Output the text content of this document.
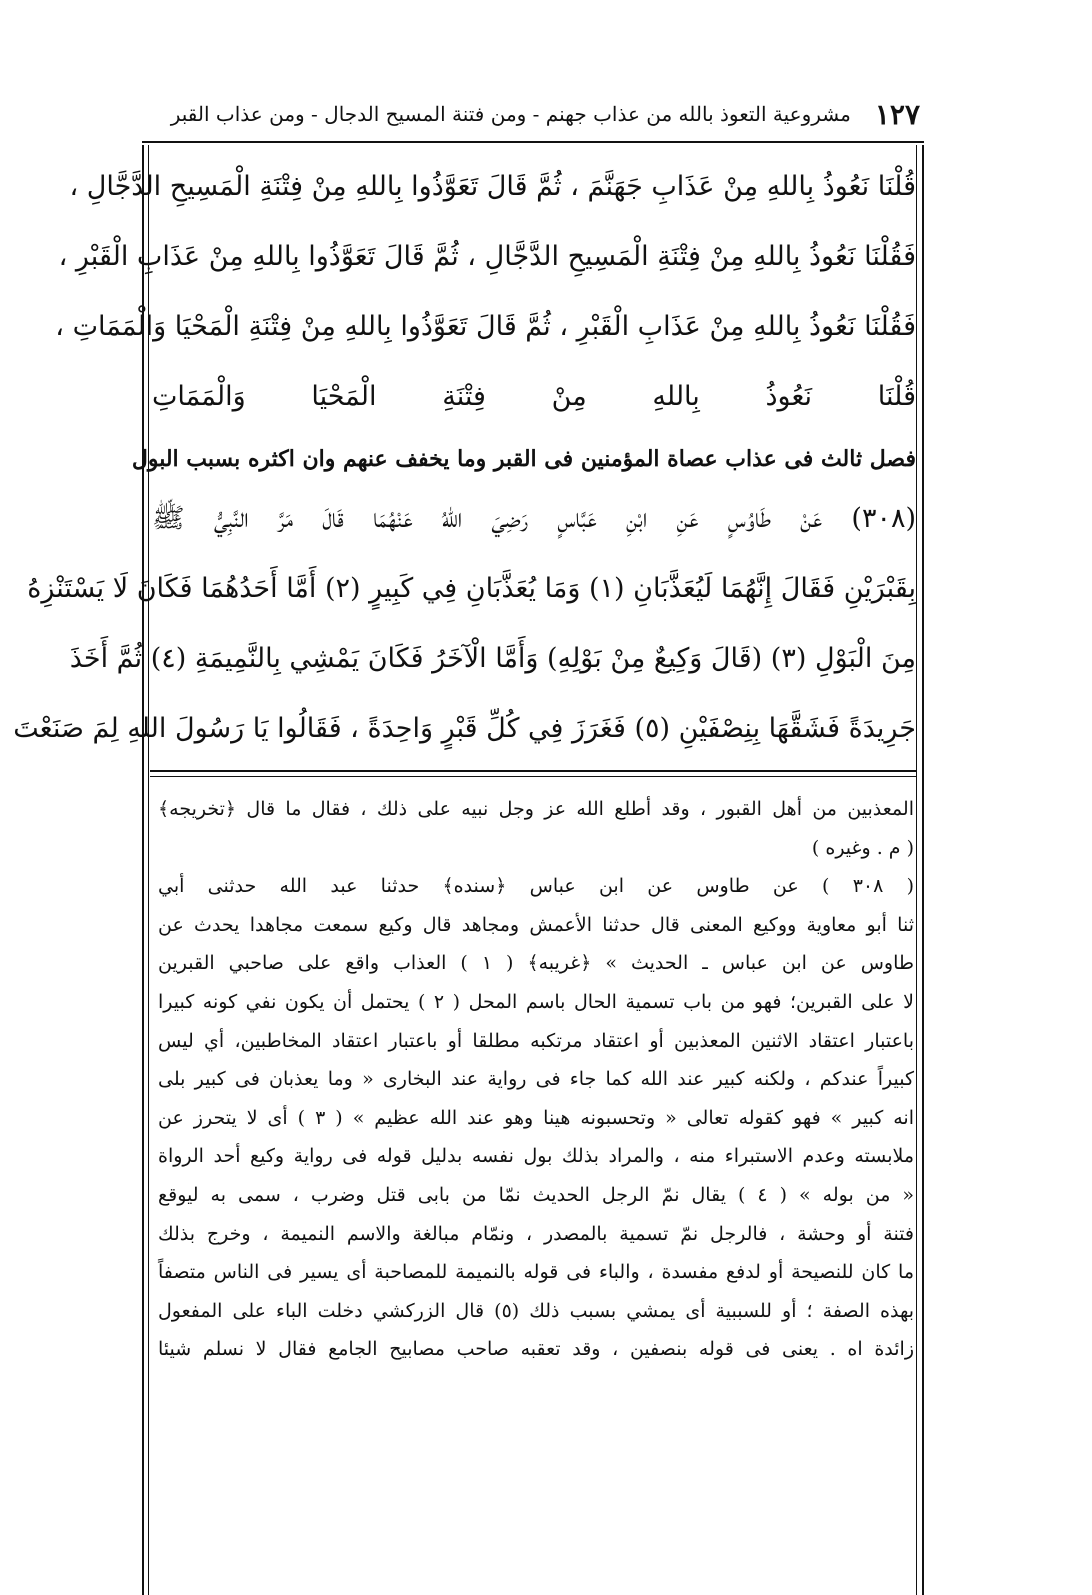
١٢٧
مشروعية التعوذ بالله من عذاب جهنم - ومن فتنة المسيح الدجال - ومن عذاب القبر
قُلْنَا نَعُوذُ بِاللهِ مِنْ عَذَابِ جَهَنَّمَ ، ثُمَّ قَالَ تَعَوَّذُوا بِاللهِ مِنْ فِتْنَةِ الْمَسِيحِ الدَّجَّالِ ،
فَقُلْنَا نَعُوذُ بِاللهِ مِنْ فِتْنَةِ الْمَسِيحِ الدَّجَّالِ ، ثُمَّ قَالَ تَعَوَّذُوا بِاللهِ مِنْ عَذَابِ الْقَبْرِ ،
فَقُلْنَا نَعُوذُ بِاللهِ مِنْ عَذَابِ الْقَبْرِ ، ثُمَّ قَالَ تَعَوَّذُوا بِاللهِ مِنْ فِتْنَةِ الْمَحْيَا وَالْمَمَاتِ ،
قُلْنَا نَعُوذُ بِاللهِ مِنْ فِتْنَةِ الْمَحْيَا وَالْمَمَاتِ
فصل ثالث فى عذاب عصاة المؤمنين فى القبر وما يخفف عنهم وان اكثره بسبب البول
(٣٠٨) عَنْ طَاوُسٍ عَنِ ابْنِ عَبَّاسٍ رَضِيَ اللهُ عَنْهُمَا قَالَ مَرَّ النَّبِيُّ ﷺ
بِقَبْرَيْنِ فَقَالَ إِنَّهُمَا لَيُعَذَّبَانِ (١) وَمَا يُعَذَّبَانِ فِي كَبِيرٍ (٢) أَمَّا أَحَدُهُمَا فَكَانَ لَا يَسْتَنْزِهُ
مِنَ الْبَوْلِ (٣) (قَالَ وَكِيعٌ مِنْ بَوْلِهِ) وَأَمَّا الْآخَرُ فَكَانَ يَمْشِي بِالنَّمِيمَةِ (٤) ثُمَّ أَخَذَ
جَرِيدَةً فَشَقَّهَا بِنِصْفَيْنِ (٥) فَغَرَزَ فِي كُلِّ قَبْرٍ وَاحِدَةً ، فَقَالُوا يَا رَسُولَ اللهِ لِمَ صَنَعْتَ
المعذبين من أهل القبور ، وقد أطلع الله عز وجل نبيه على ذلك ، فقال ما قال ﴿تخريجه﴾
( م . وغيره )
( ٣٠٨ ) عن طاوس عن ابن عباس ﴿سنده﴾ حدثنا عبد الله حدثنى أبي
ثنا أبو معاوية ووكيع المعنى قال حدثنا الأعمش ومجاهد قال وكيع سمعت مجاهدا يحدث عن
طاوس عن ابن عباس ـ الحديث » ﴿غريبه﴾ ( ١ ) العذاب واقع على صاحبي القبرين
لا على القبرين؛ فهو من باب تسمية الحال باسم المحل ( ٢ ) يحتمل أن يكون نفي كونه كبيرا
باعتبار اعتقاد الاثنين المعذبين أو اعتقاد مرتكبه مطلقا أو باعتبار اعتقاد المخاطبين، أي ليس
كبيراً عندكم ، ولكنه كبير عند الله كما جاء فى رواية عند البخارى « وما يعذبان فى كبير بلى
انه كبير » فهو كقوله تعالى « وتحسبونه هينا وهو عند الله عظيم » ( ٣ ) أى لا يتحرز عن
ملابسته وعدم الاستبراء منه ، والمراد بذلك بول نفسه بدليل قوله فى رواية وكيع أحد الرواة
« من بوله » ( ٤ ) يقال نمّ الرجل الحديث نمّا من بابى قتل وضرب ، سمى به ليوقع
فتنة أو وحشة ، فالرجل نمّ تسمية بالمصدر ، ونمّام مبالغة والاسم النميمة ، وخرج بذلك
ما كان للنصيحة أو لدفع مفسدة ، والباء فى قوله بالنميمة للمصاحبة أى يسير فى الناس متصفاً
بهذه الصفة ؛ أو للسببية أى يمشي بسبب ذلك (٥) قال الزركشي دخلت الباء على المفعول
زائدة اه . يعنى فى قوله بنصفين ، وقد تعقبه صاحب مصابيح الجامع فقال لا نسلم شيئا
